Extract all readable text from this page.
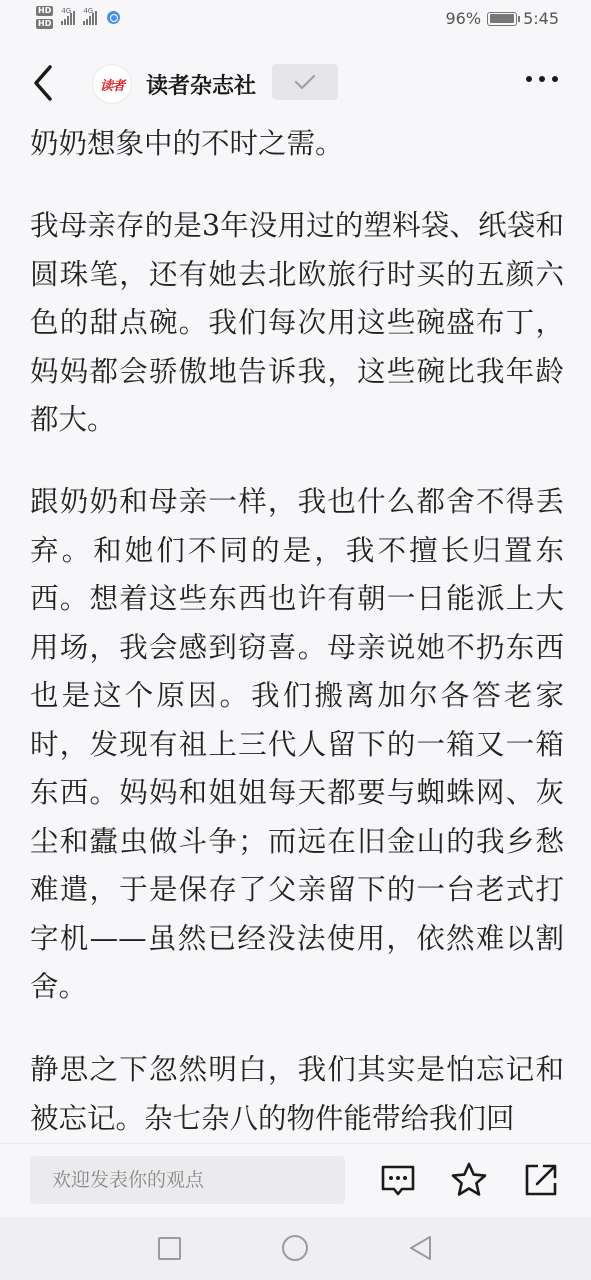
HD
HD
4G 4G	96%	5:45
读者 读者杂志社

奶奶想象中的不时之需。

我母亲存的是3年没用过的塑料袋、纸袋和圆珠笔，还有她去北欧旅行时买的五颜六色的甜点碗。我们每次用这些碗盛布丁，妈妈都会骄傲地告诉我，这些碗比我年龄都大。

跟奶奶和母亲一样，我也什么都舍不得丢弃。和她们不同的是，我不擅长归置东西。想着这些东西也许有朝一日能派上大用场，我会感到窃喜。母亲说她不扔东西也是这个原因。我们搬离加尔各答老家时，发现有祖上三代人留下的一箱又一箱东西。妈妈和姐姐每天都要与蜘蛛网、灰尘和蠹虫做斗争；而远在旧金山的我乡愁难遣，于是保存了父亲留下的一台老式打字机——虽然已经没法使用，依然难以割舍。

静思之下忽然明白，我们其实是怕忘记和被忘记。杂七杂八的物件能带给我们回

欢迎发表你的观点
